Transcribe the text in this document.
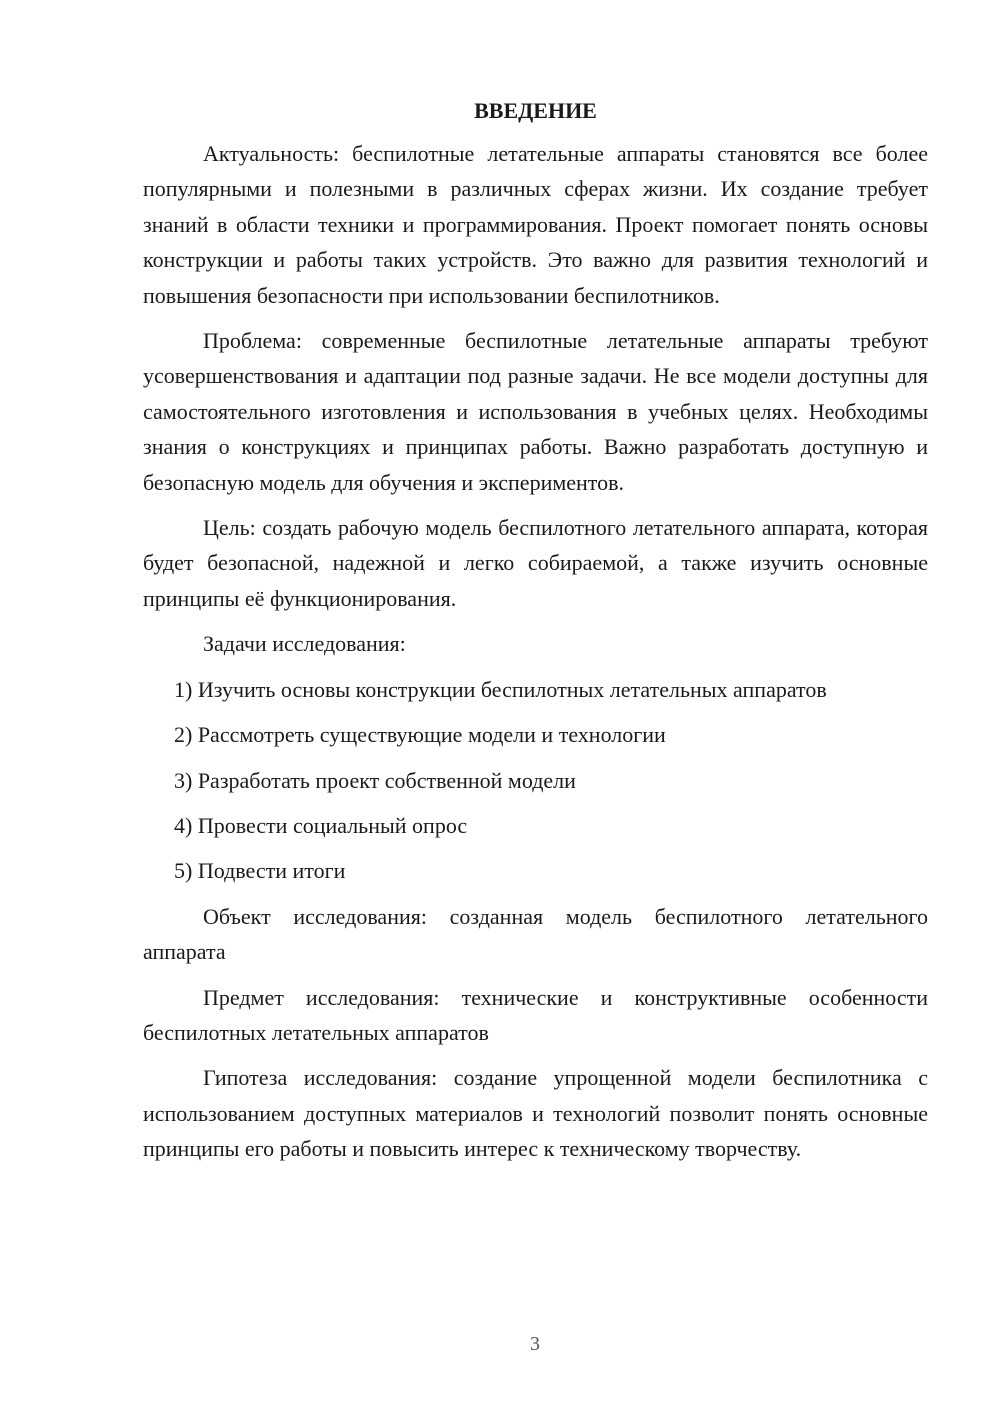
ВВЕДЕНИЕ

Актуальность: беспилотные летательные аппараты становятся все более популярными и полезными в различных сферах жизни. Их создание требует знаний в области техники и программирования. Проект помогает понять основы конструкции и работы таких устройств. Это важно для развития технологий и повышения безопасности при использовании беспилотников.

Проблема: современные беспилотные летательные аппараты требуют усовершенствования и адаптации под разные задачи. Не все модели доступны для самостоятельного изготовления и использования в учебных целях. Необходимы знания о конструкциях и принципах работы. Важно разработать доступную и безопасную модель для обучения и экспериментов.

Цель: создать рабочую модель беспилотного летательного аппарата, которая будет безопасной, надежной и легко собираемой, а также изучить основные принципы её функционирования.

Задачи исследования:

1) Изучить основы конструкции беспилотных летательных аппаратов
2) Рассмотреть существующие модели и технологии
3) Разработать проект собственной модели
4) Провести социальный опрос
5) Подвести итоги

Объект исследования: созданная модель беспилотного летательного аппарата

Предмет исследования: технические и конструктивные особенности беспилотных летательных аппаратов

Гипотеза исследования: создание упрощенной модели беспилотника с использованием доступных материалов и технологий позволит понять основные принципы его работы и повысить интерес к техническому творчеству.

3
